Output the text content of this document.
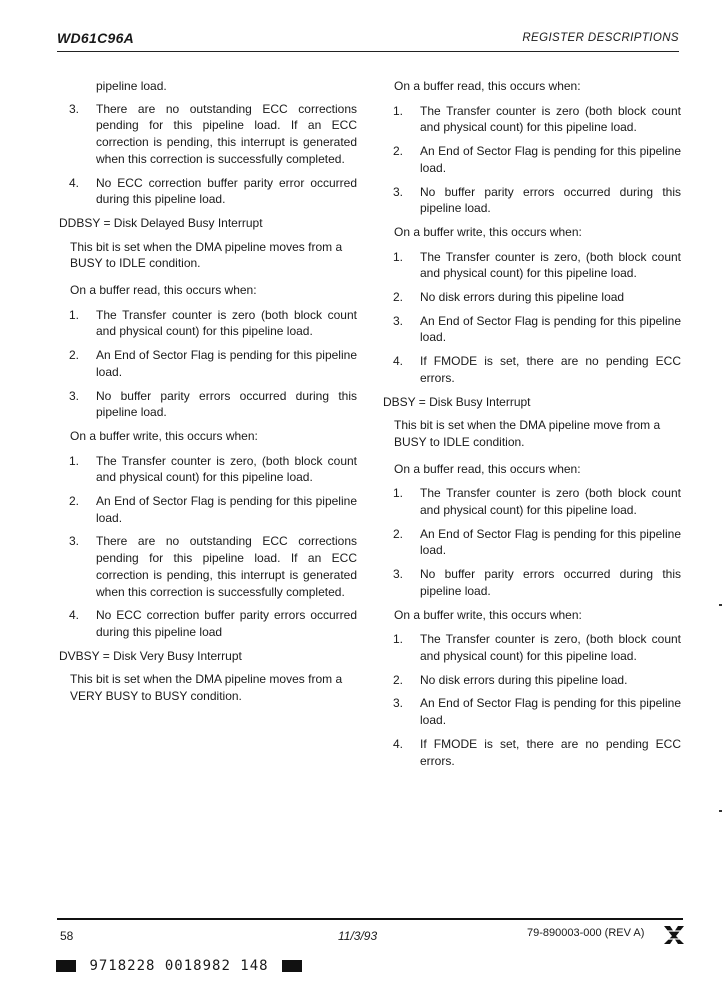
WD61C96A	REGISTER DESCRIPTIONS

pipeline load.

3. There are no outstanding ECC corrections pending for this pipeline load. If an ECC correction is pending, this interrupt is generated when this correction is successfully completed.
4. No ECC correction buffer parity error occurred during this pipeline load.

DDBSY = Disk Delayed Busy Interrupt

This bit is set when the DMA pipeline moves from a BUSY to IDLE condition.

On a buffer read, this occurs when:

1. The Transfer counter is zero (both block count and physical count) for this pipeline load.
2. An End of Sector Flag is pending for this pipeline load.
3. No buffer parity errors occurred during this pipeline load.

On a buffer write, this occurs when:

1. The Transfer counter is zero, (both block count and physical count) for this pipeline load.
2. An End of Sector Flag is pending for this pipeline load.
3. There are no outstanding ECC corrections pending for this pipeline load. If an ECC correction is pending, this interrupt is generated when this correction is successfully completed.
4. No ECC correction buffer parity errors occurred during this pipeline load

DVBSY = Disk Very Busy Interrupt

This bit is set when the DMA pipeline moves from a VERY BUSY to BUSY condition.

On a buffer read, this occurs when:

1. The Transfer counter is zero (both block count and physical count) for this pipeline load.
2. An End of Sector Flag is pending for this pipeline load.
3. No buffer parity errors occurred during this pipeline load.

On a buffer write, this occurs when:

1. The Transfer counter is zero, (both block count and physical count) for this pipeline load.
2. No disk errors during this pipeline load
3. An End of Sector Flag is pending for this pipeline load.
4. If FMODE is set, there are no pending ECC errors.

DBSY = Disk Busy Interrupt

This bit is set when the DMA pipeline move from a BUSY to IDLE condition.

On a buffer read, this occurs when:

1. The Transfer counter is zero (both block count and physical count) for this pipeline load.
2. An End of Sector Flag is pending for this pipeline load.
3. No buffer parity errors occurred during this pipeline load.

On a buffer write, this occurs when:

1. The Transfer counter is zero, (both block count and physical count) for this pipeline load.
2. No disk errors during this pipeline load.
3. An End of Sector Flag is pending for this pipeline load.
4. If FMODE is set, there are no pending ECC errors.
58	11/3/93	79-890003-000 (REV A)
9718228 0018982 148
